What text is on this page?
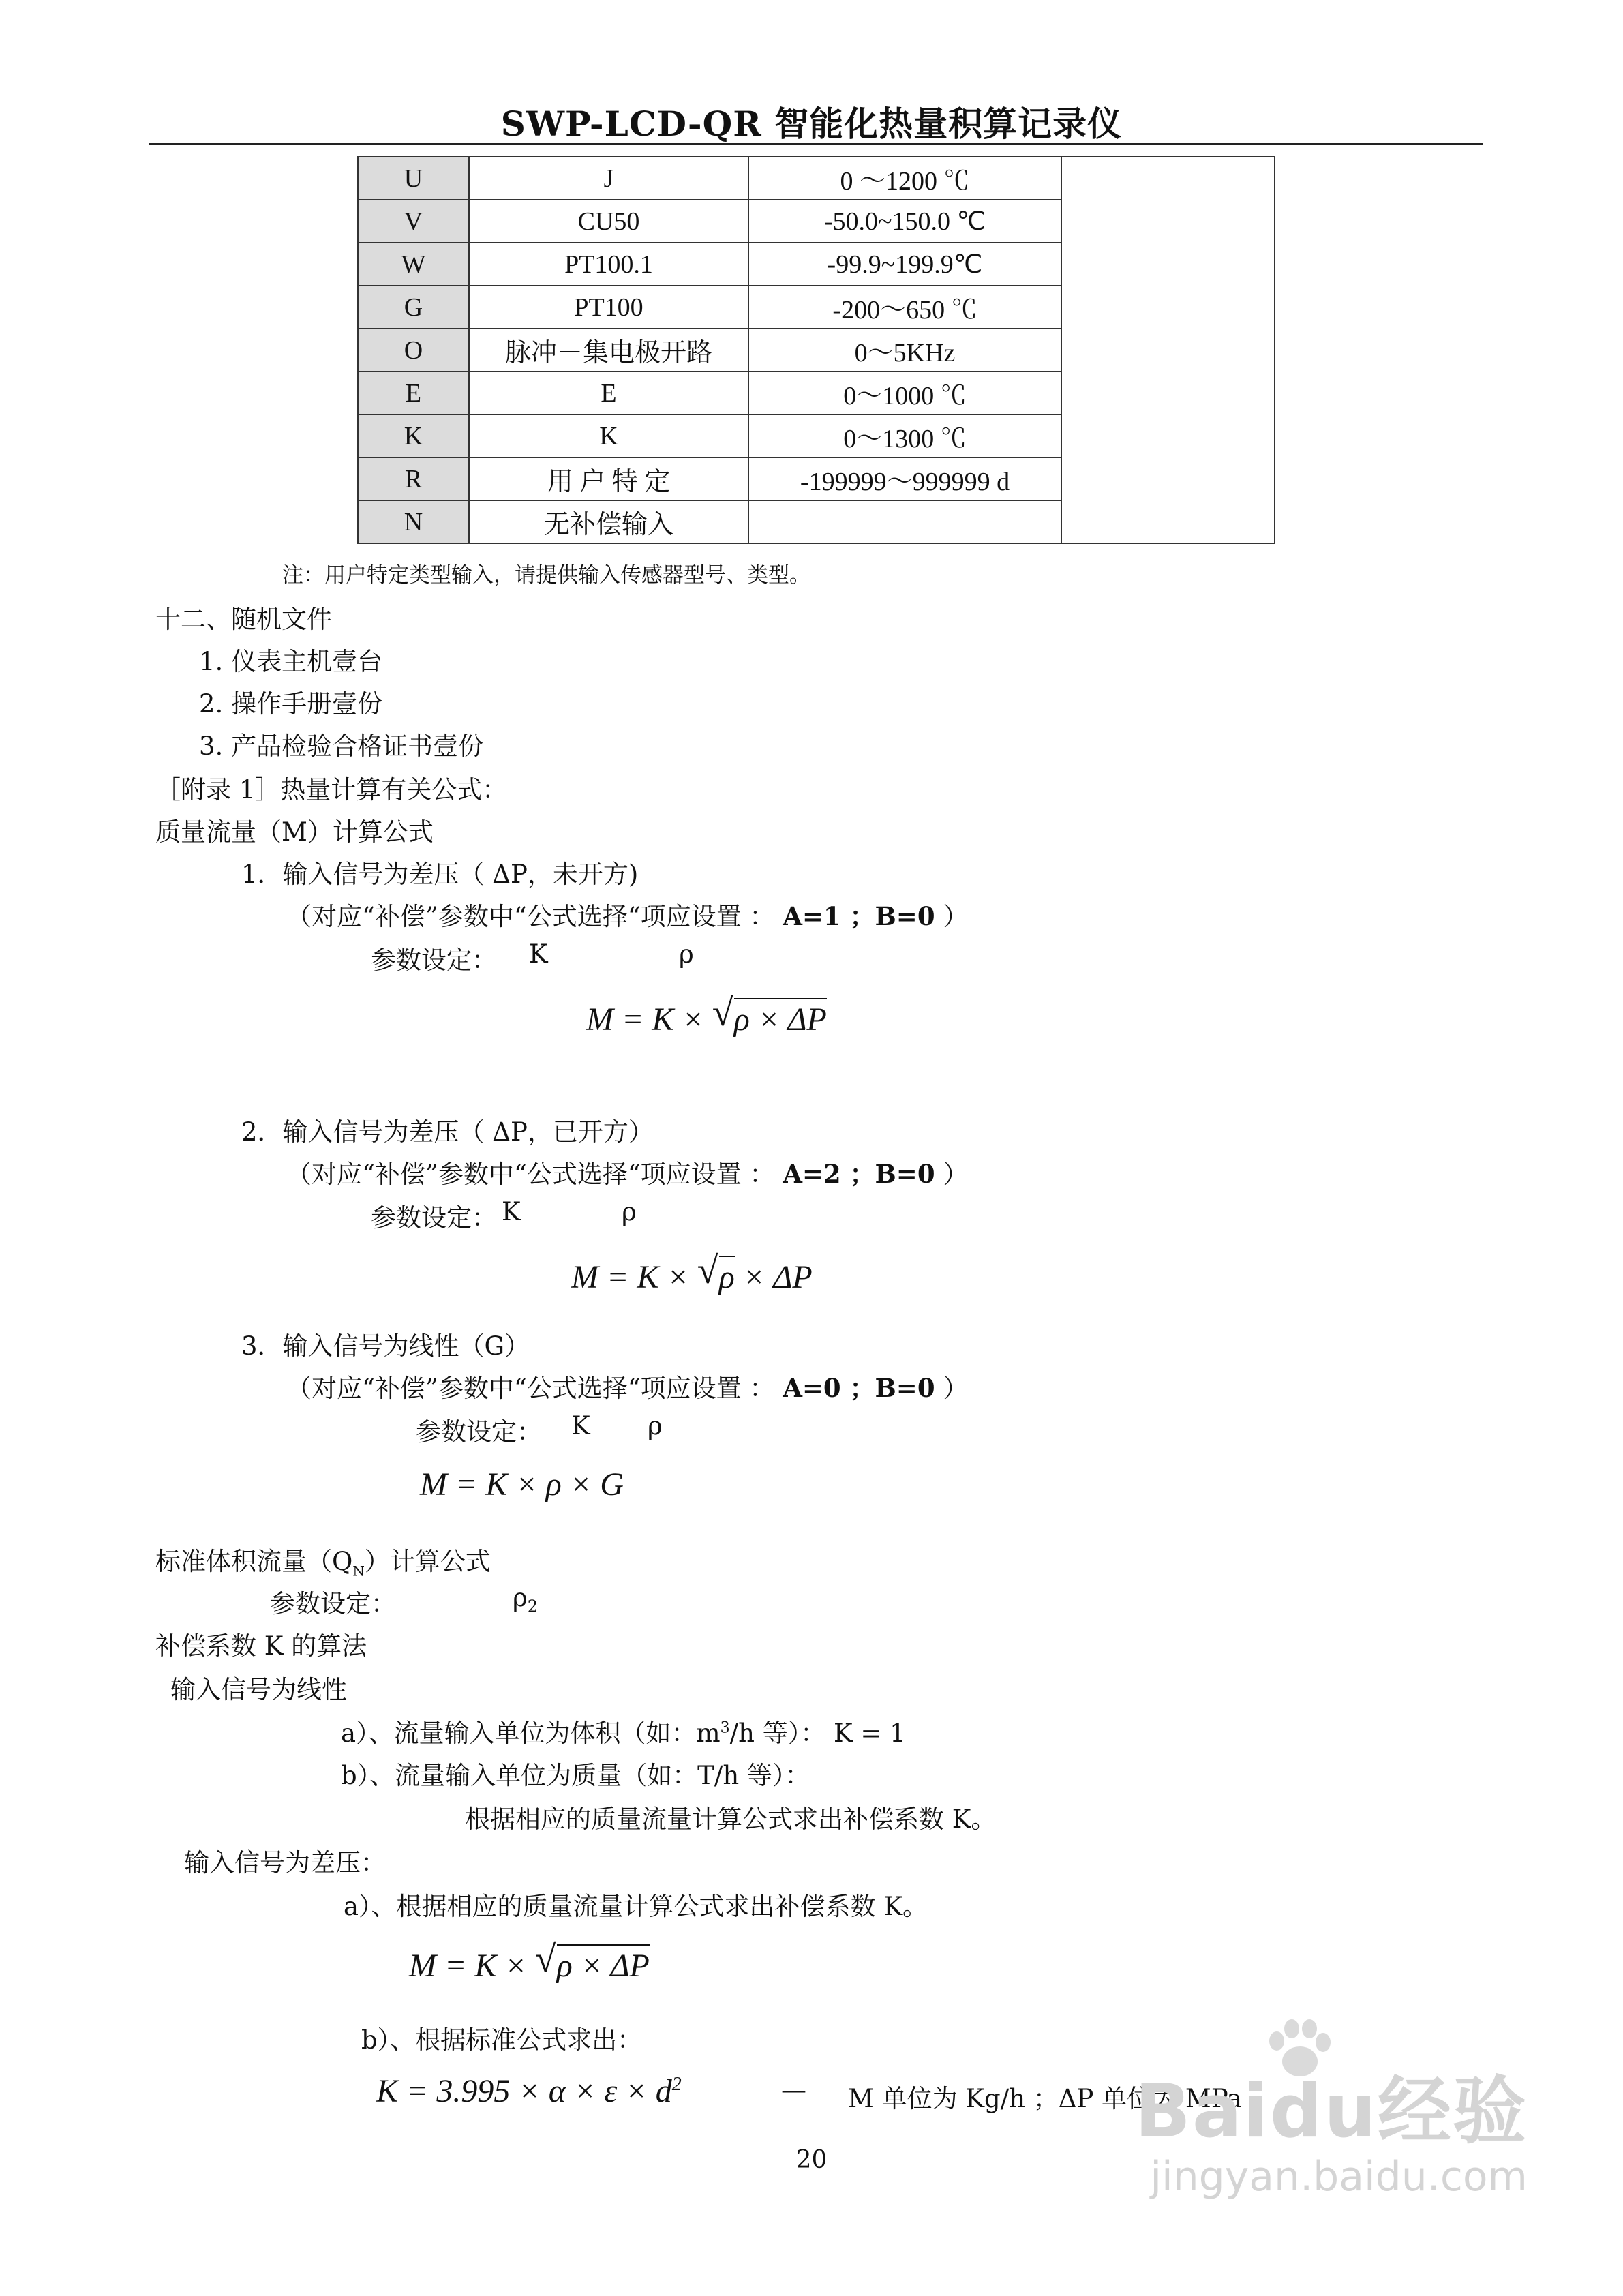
SWP-LCD-QR 智能化热量积算记录仪
U	J	0 ～1200 ℃	
V	CU50	-50.0~150.0 ℃	
W	PT100.1	-99.9~199.9℃	
G	PT100	-200～650 ℃	
O	脉冲－集电极开路	0～5KHz	
E	E	0～1000 ℃	
K	K	0～1300 ℃	
R	用 户 特 定	-199999～999999 d	
N	无补偿输入		
注：用户特定类型输入，请提供输入传感器型号、类型。
十二、随机文件
1. 仪表主机壹台
2. 操作手册壹份
3. 产品检验合格证书壹份
［附录 1］热量计算有关公式：
质量流量（M）计算公式
1．输入信号为差压（ ΔP，未开方)
（对应“补偿”参数中“公式选择“项应设置 ： A=1 ；B=0 ）
参数设定： K	ρ
M = K × √ ρ × ΔP
2．输入信号为差压（ ΔP，已开方）
（对应“补偿”参数中“公式选择“项应设置 ： A=2 ；B=0 ）
参数设定： K	ρ
M = K × √ ρ × ΔP
3．输入信号为线性（G）
（对应“补偿”参数中“公式选择“项应设置 ： A=0 ；B=0 ）
参数设定： K ρ
M = K × ρ × G
标准体积流量$(Q_N)$计算公式
参数设定：	$\rho_2$
补偿系数 K 的算法
输入信号为线性
a）、流量输入单位为体积（如：$m^3/h$ 等）： K = 1
b）、流量输入单位为质量（如：T/h 等）：
根据相应的质量流量计算公式求出补偿系数 K。
输入信号为差压：
a）、根据相应的质量流量计算公式求出补偿系数 K。
M = K × √ ρ × ΔP
b）、根据标准公式求出：
$K = 3.995 \times \alpha \times \varepsilon \times d^2$	— M 单位为 Kg/h ；ΔP 单位为 MPa
20
Baidu经验
jingyan.baidu.com
